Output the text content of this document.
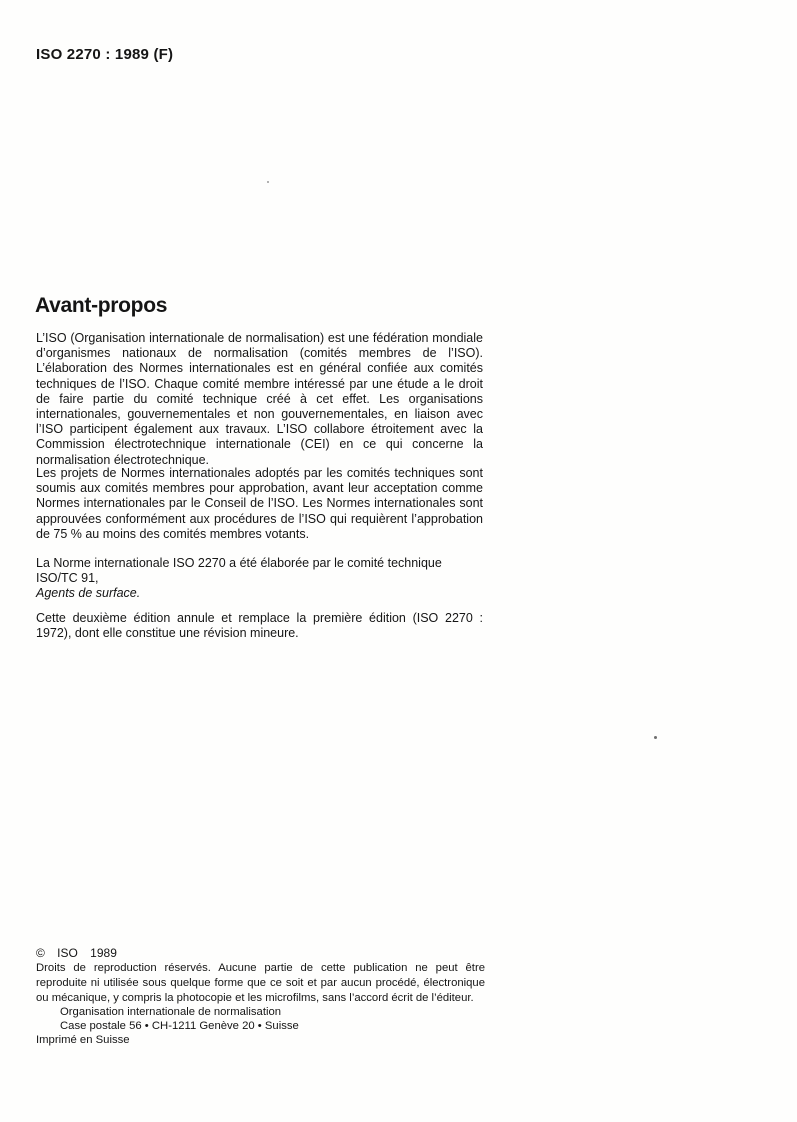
ISO 2270 : 1989 (F)
Avant-propos

L’ISO (Organisation internationale de normalisation) est une fédération mondiale d’organismes nationaux de normalisation (comités membres de l’ISO). L’élaboration des Normes internationales est en général confiée aux comités techniques de l’ISO. Chaque comité membre intéressé par une étude a le droit de faire partie du comité technique créé à cet effet. Les organisations internationales, gouvernementales et non gouvernementales, en liaison avec l’ISO participent également aux travaux. L’ISO collabore étroitement avec la Commission électrotechnique internationale (CEI) en ce qui concerne la normalisation électrotechnique.

Les projets de Normes internationales adoptés par les comités techniques sont soumis aux comités membres pour approbation, avant leur acceptation comme Normes internationales par le Conseil de l’ISO. Les Normes internationales sont approuvées conformément aux procédures de l’ISO qui requièrent l’approbation de 75 % au moins des comités membres votants.

La Norme internationale ISO 2270 a été élaborée par le comité technique ISO/TC 91,
Agents de surface.

Cette deuxième édition annule et remplace la première édition (ISO 2270 : 1972), dont elle constitue une révision mineure.

© ISO 1989
Droits de reproduction réservés. Aucune partie de cette publication ne peut être reproduite ni utilisée sous quelque forme que ce soit et par aucun procédé, électronique ou mécanique, y compris la photocopie et les microfilms, sans l’accord écrit de l’éditeur.
Organisation internationale de normalisation
Case postale 56 • CH-1211 Genève 20 • Suisse
Imprimé en Suisse
